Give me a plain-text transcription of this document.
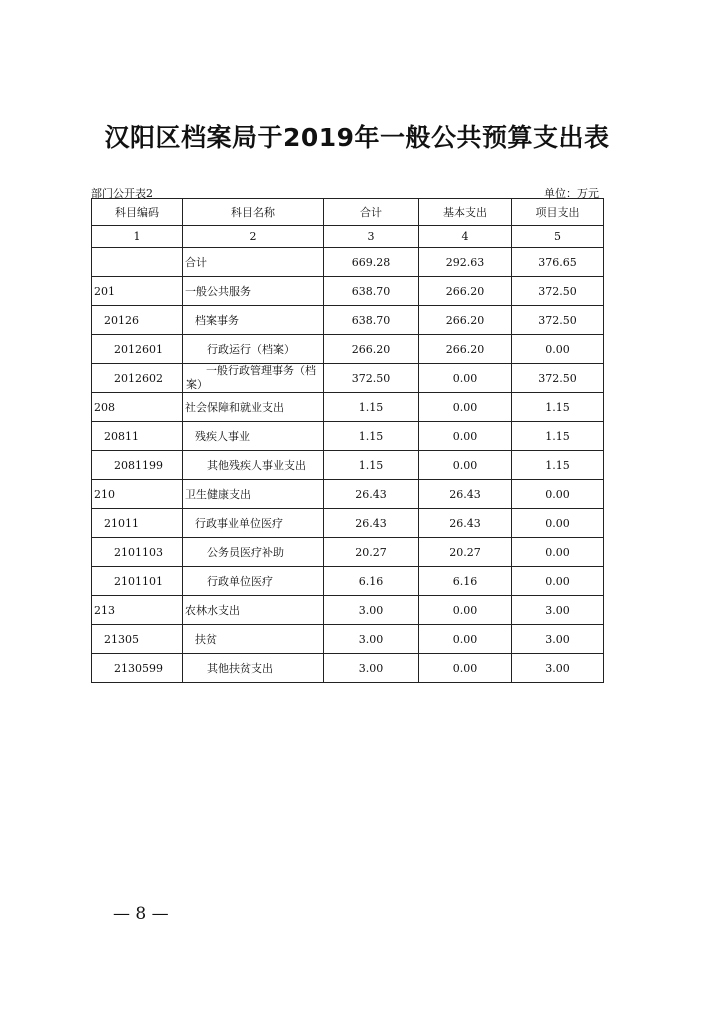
汉阳区档案局于2019年一般公共预算支出表
部门公开表2	单位：万元
科目编码	科目名称	合计	基本支出	项目支出
1	2	3	4	5
	合计	669.28	292.63	376.65
201	一般公共服务	638.70	266.20	372.50
20126	档案事务	638.70	266.20	372.50
2012601	行政运行（档案）	266.20	266.20	0.00
2012602	一般行政管理事务（档案）	372.50	0.00	372.50
208	社会保障和就业支出	1.15	0.00	1.15
20811	残疾人事业	1.15	0.00	1.15
2081199	其他残疾人事业支出	1.15	0.00	1.15
210	卫生健康支出	26.43	26.43	0.00
21011	行政事业单位医疗	26.43	26.43	0.00
2101103	公务员医疗补助	20.27	20.27	0.00
2101101	行政单位医疗	6.16	6.16	0.00
213	农林水支出	3.00	0.00	3.00
21305	扶贫	3.00	0.00	3.00
2130599	其他扶贫支出	3.00	0.00	3.00
— 8 —
